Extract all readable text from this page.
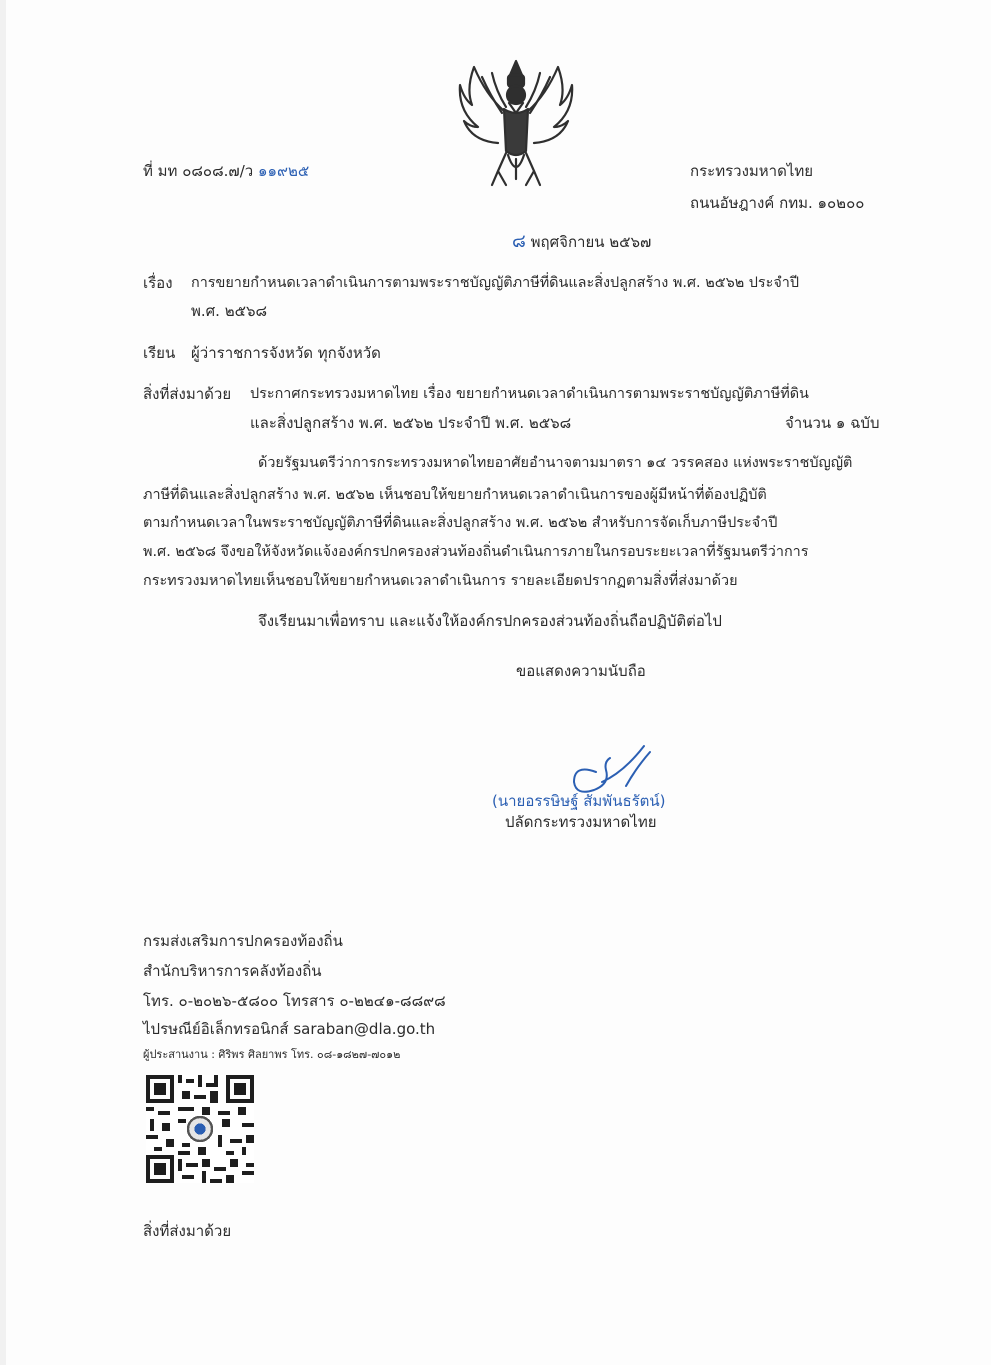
ที่ มท ๐๘๐๘.๗/ว ๑๑๙๒๕	กระทรวงมหาดไทย
ถนนอัษฎางค์ กทม. ๑๐๒๐๐
๘ พฤศจิกายน ๒๕๖๗
เรื่อง การขยายกำหนดเวลาดำเนินการตามพระราชบัญญัติภาษีที่ดินและสิ่งปลูกสร้าง พ.ศ. ๒๕๖๒ ประจำปี
พ.ศ. ๒๕๖๘
เรียน ผู้ว่าราชการจังหวัด ทุกจังหวัด
สิ่งที่ส่งมาด้วย ประกาศกระทรวงมหาดไทย เรื่อง ขยายกำหนดเวลาดำเนินการตามพระราชบัญญัติภาษีที่ดิน
และสิ่งปลูกสร้าง พ.ศ. ๒๕๖๒ ประจำปี พ.ศ. ๒๕๖๘	จำนวน ๑ ฉบับ
ด้วยรัฐมนตรีว่าการกระทรวงมหาดไทยอาศัยอำนาจตามมาตรา ๑๔ วรรคสอง แห่งพระราชบัญญัติ
ภาษีที่ดินและสิ่งปลูกสร้าง พ.ศ. ๒๕๖๒ เห็นชอบให้ขยายกำหนดเวลาดำเนินการของผู้มีหน้าที่ต้องปฏิบัติ
ตามกำหนดเวลาในพระราชบัญญัติภาษีที่ดินและสิ่งปลูกสร้าง พ.ศ. ๒๕๖๒ สำหรับการจัดเก็บภาษีประจำปี
พ.ศ. ๒๕๖๘ จึงขอให้จังหวัดแจ้งองค์กรปกครองส่วนท้องถิ่นดำเนินการภายในกรอบระยะเวลาที่รัฐมนตรีว่าการ
กระทรวงมหาดไทยเห็นชอบให้ขยายกำหนดเวลาดำเนินการ รายละเอียดปรากฏตามสิ่งที่ส่งมาด้วย
จึงเรียนมาเพื่อทราบ และแจ้งให้องค์กรปกครองส่วนท้องถิ่นถือปฏิบัติต่อไป
ขอแสดงความนับถือ
(นายอรรษิษฐ์ สัมพันธรัตน์)
ปลัดกระทรวงมหาดไทย
กรมส่งเสริมการปกครองท้องถิ่น
สำนักบริหารการคลังท้องถิ่น
โทร. ๐-๒๐๒๖-๕๘๐๐ โทรสาร ๐-๒๒๔๑-๘๘๙๘
ไปรษณีย์อิเล็กทรอนิกส์ saraban@dla.go.th
ผู้ประสานงาน : ศิริพร ศิลยาพร โทร. ๐๘-๑๘๒๗-๗๐๑๒
สิ่งที่ส่งมาด้วย
